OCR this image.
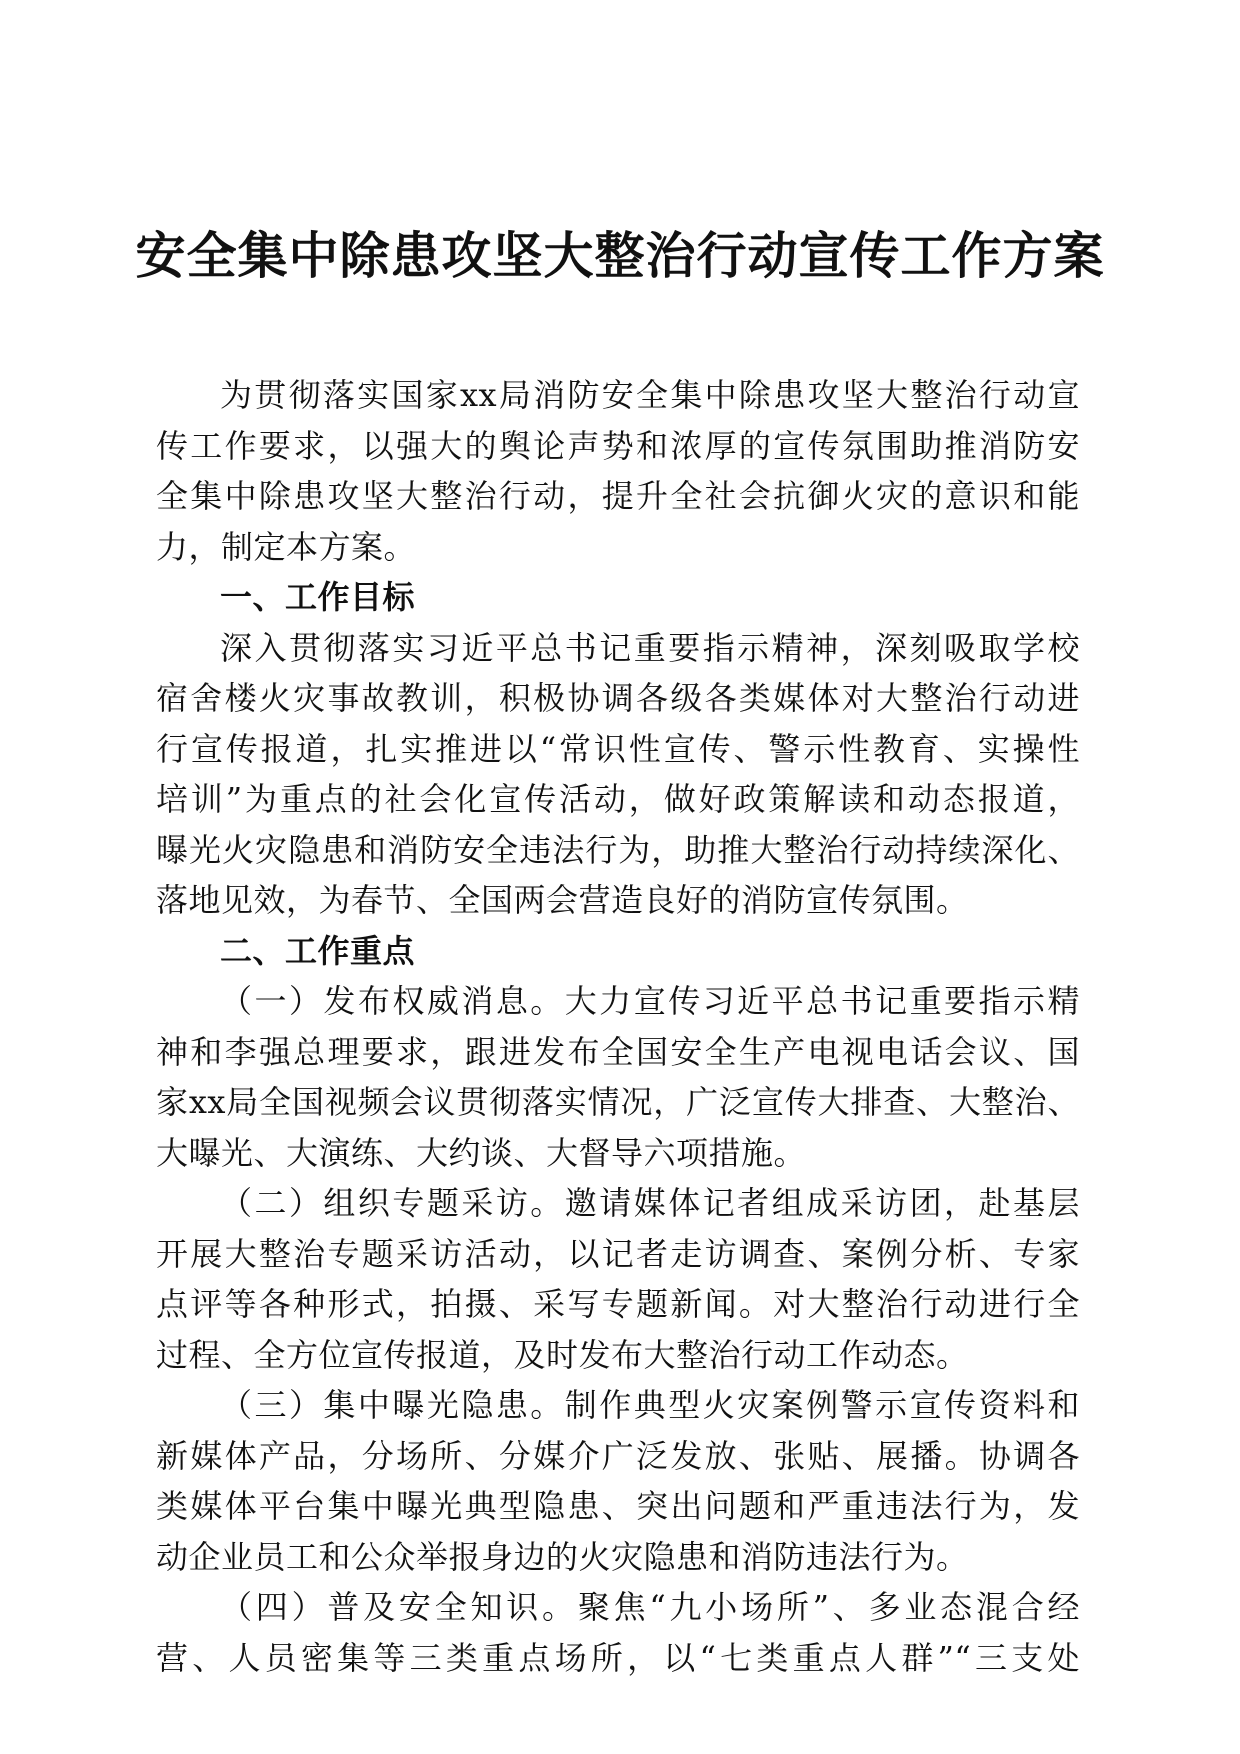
安全集中除患攻坚大整治行动宣传工作方案
为贯彻落实国家xx局消防安全集中除患攻坚大整治行动宣
传工作要求，以强大的舆论声势和浓厚的宣传氛围助推消防安
全集中除患攻坚大整治行动，提升全社会抗御火灾的意识和能
力，制定本方案。
一、工作目标
深入贯彻落实习近平总书记重要指示精神，深刻吸取学校
宿舍楼火灾事故教训，积极协调各级各类媒体对大整治行动进
行宣传报道，扎实推进以“常识性宣传、警示性教育、实操性
培训”为重点的社会化宣传活动，做好政策解读和动态报道，
曝光火灾隐患和消防安全违法行为，助推大整治行动持续深化、
落地见效，为春节、全国两会营造良好的消防宣传氛围。
二、工作重点
（一）发布权威消息。大力宣传习近平总书记重要指示精
神和李强总理要求，跟进发布全国安全生产电视电话会议、国
家xx局全国视频会议贯彻落实情况，广泛宣传大排查、大整治、
大曝光、大演练、大约谈、大督导六项措施。
（二）组织专题采访。邀请媒体记者组成采访团，赴基层
开展大整治专题采访活动，以记者走访调查、案例分析、专家
点评等各种形式，拍摄、采写专题新闻。对大整治行动进行全
过程、全方位宣传报道，及时发布大整治行动工作动态。
（三）集中曝光隐患。制作典型火灾案例警示宣传资料和
新媒体产品，分场所、分媒介广泛发放、张贴、展播。协调各
类媒体平台集中曝光典型隐患、突出问题和严重违法行为，发
动企业员工和公众举报身边的火灾隐患和消防违法行为。
（四）普及安全知识。聚焦“九小场所”、多业态混合经
营、人员密集等三类重点场所，以“七类重点人群”“三支处
